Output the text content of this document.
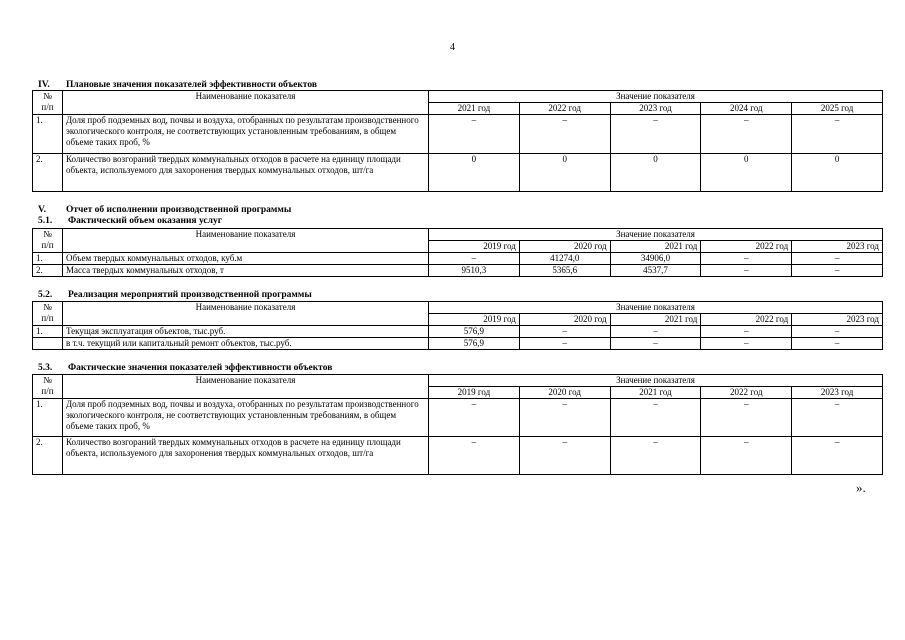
4
IV. Плановые значения показателей эффективности объектов
№
п/п	Наименование показателя	Значение показателя				
		2021 год	2022 год	2023 год	2024 год	2025 год
1.	Доля проб подземных вод, почвы и воздуха, отобранных по результатам производственного экологического контроля, не соответствующих установленным требованиям, в общем объеме таких проб, %	–	–	–	–	–
2.	Количество возгораний твердых коммунальных отходов в расчете на единицу площади объекта, используемого для захоронения твердых коммунальных отходов, шт/га	0	0	0	0	0
V. Отчет об исполнении производственной программы
5.1. Фактический объем оказания услуг
№
п/п	Наименование показателя	Значение показателя				
		2019 год	2020 год	2021 год	2022 год	2023 год
1.	Объем твердых коммунальных отходов, куб.м	–	41274,0	34906,0	–	–
2.	Масса твердых коммунальных отходов, т	9510,3	5365,6	4537,7	–	–
5.2. Реализация мероприятий производственной программы
№
п/п	Наименование показателя	Значение показателя				
		2019 год	2020 год	2021 год	2022 год	2023 год
1.	Текущая эксплуатация объектов, тыс.руб.	576,9	–	–	–	–
	в т.ч. текущий или капитальный ремонт объектов, тыс.руб.	576,9	–	–	–	–
5.3. Фактические значения показателей эффективности объектов
№
п/п	Наименование показателя	Значение показателя				
		2019 год	2020 год	2021 год	2022 год	2023 год
1.	Доля проб подземных вод, почвы и воздуха, отобранных по результатам производственного экологического контроля, не соответствующих установленным требованиям, в общем объеме таких проб, %	–	–	–	–	–
2.	Количество возгораний твердых коммунальных отходов в расчете на единицу площади объекта, используемого для захоронения твердых коммунальных отходов, шт/га	–	–	–	–	–
».
